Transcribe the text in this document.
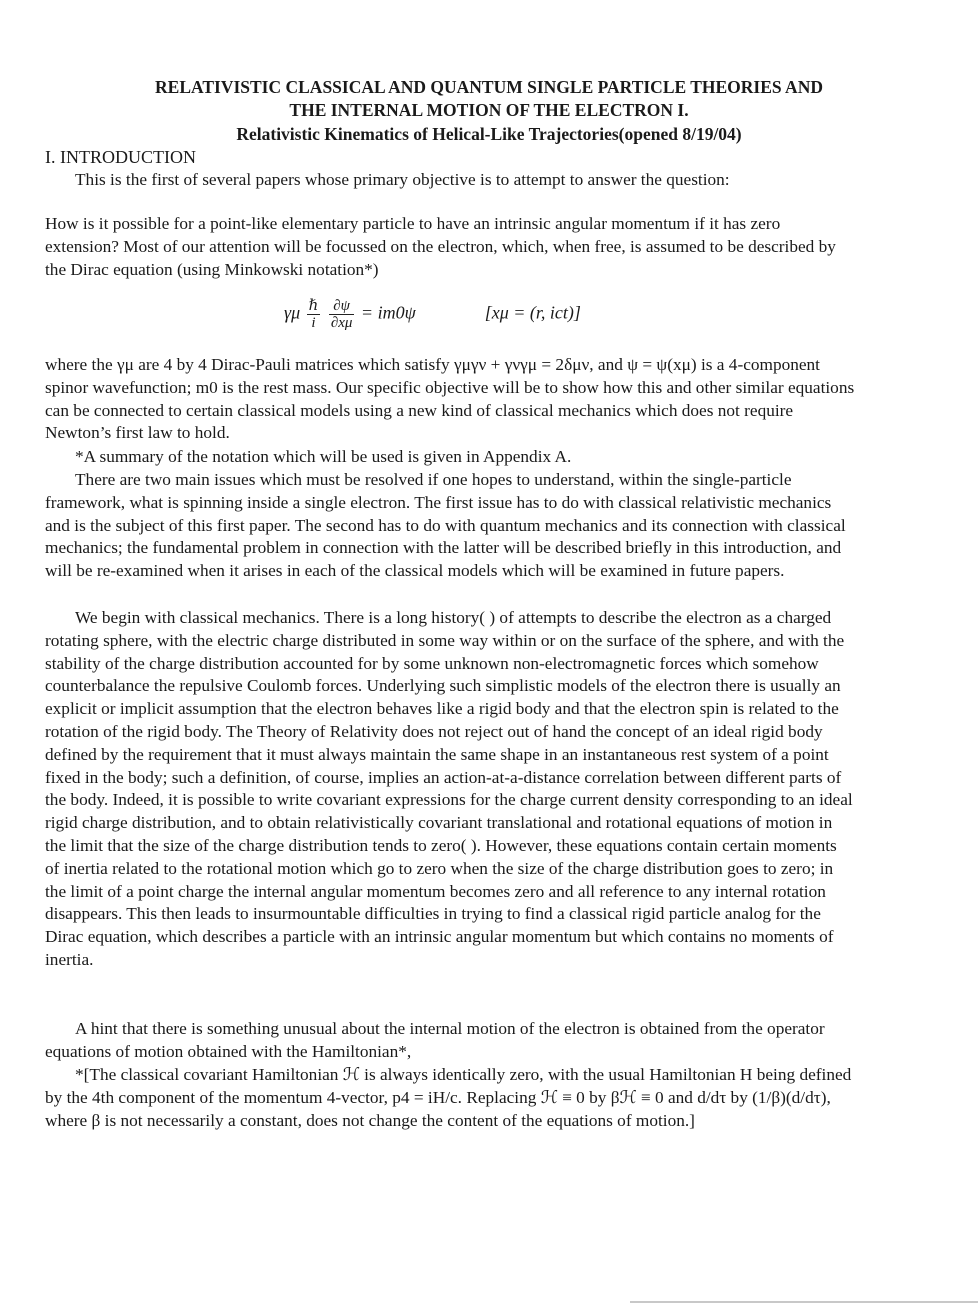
RELATIVISTIC CLASSICAL AND QUANTUM SINGLE PARTICLE THEORIES AND

THE INTERNAL MOTION OF THE ELECTRON I.

Relativistic Kinematics of Helical-Like Trajectories(opened 8/19/04)

I. INTRODUCTION

This is the first of several papers whose primary objective is to attempt to answer the question:

How is it possible for a point-like elementary particle to have an intrinsic angular momentum if it has zero extension? Most of our attention will be focussed on the electron, which, when free, is assumed to be described by the Dirac equation (using Minkowski notation*)

γμ $\frac{\text{ℏ}}{i}$
$\frac{\partial\psi}{\partial x\mu} = im0\psi$	[xμ = (r, ict)]

where the γμ are 4 by 4 Dirac-Pauli matrices which satisfy γμγν + γνγμ = 2δμν, and ψ = ψ(xμ) is a 4-component spinor wavefunction; m0 is the rest mass. Our specific objective will be to show how this and other similar equations can be connected to certain classical models using a new kind of classical mechanics which does not require Newton’s first law to hold.

*A summary of the notation which will be used is given in Appendix A.

There are two main issues which must be resolved if one hopes to understand, within the single-particle framework, what is spinning inside a single electron. The first issue has to do with classical relativistic mechanics and is the subject of this first paper. The second has to do with quantum mechanics and its connection with classical mechanics; the fundamental problem in connection with the latter will be described briefly in this introduction, and will be re-examined when it arises in each of the classical models which will be examined in future papers.

We begin with classical mechanics. There is a long history( ) of attempts to describe the electron as a charged rotating sphere, with the electric charge distributed in some way within or on the surface of the sphere, and with the stability of the charge distribution accounted for by some unknown non-electromagnetic forces which somehow counterbalance the repulsive Coulomb forces. Underlying such simplistic models of the electron there is usually an explicit or implicit assumption that the electron behaves like a rigid body and that the electron spin is related to the rotation of the rigid body. The Theory of Relativity does not reject out of hand the concept of an ideal rigid body defined by the requirement that it must always maintain the same shape in an instantaneous rest system of a point fixed in the body; such a definition, of course, implies an action-at-a-distance correlation between different parts of the body. Indeed, it is possible to write covariant expressions for the charge current density corresponding to an ideal rigid charge distribution, and to obtain relativistically covariant translational and rotational equations of motion in the limit that the size of the charge distribution tends to zero( ). However, these equations contain certain moments of inertia related to the rotational motion which go to zero when the size of the charge distribution goes to zero; in the limit of a point charge the internal angular momentum becomes zero and all reference to any internal rotation disappears. This then leads to insurmountable difficulties in trying to find a classical rigid particle analog for the Dirac equation, which describes a particle with an intrinsic angular momentum but which contains no moments of inertia.

A hint that there is something unusual about the internal motion of the electron is obtained from the operator equations of motion obtained with the Hamiltonian*,

*[The classical covariant Hamiltonian ℋ is always identically zero, with the usual Hamiltonian H being defined by the 4th component of the momentum 4-vector, p4 = iH/c. Replacing ℋ ≡ 0 by βℋ ≡ 0 and d/dτ by (1/β)(d/dτ), where β is not necessarily a constant, does not change the content of the equations of motion.]
